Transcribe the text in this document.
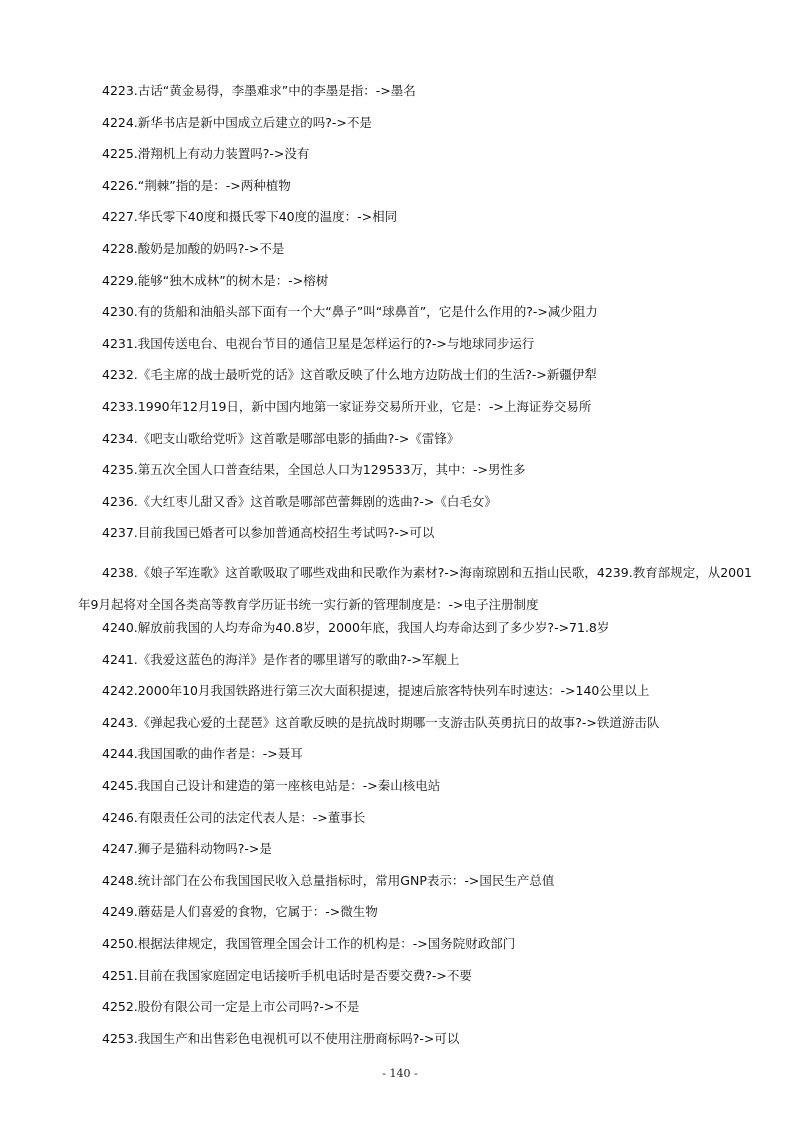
4223.古话“黄金易得，李墨难求”中的李墨是指：->墨名
4224.新华书店是新中国成立后建立的吗?->不是
4225.滑翔机上有动力装置吗?->没有
4226.“荆棘”指的是：->两种植物
4227.华氏零下40度和摄氏零下40度的温度：->相同
4228.酸奶是加酸的奶吗?->不是
4229.能够“独木成林”的树木是：->榕树
4230.有的货船和油船头部下面有一个大“鼻子”叫“球鼻首”，它是什么作用的?->减少阻力
4231.我国传送电台、电视台节目的通信卫星是怎样运行的?->与地球同步运行
4232.《毛主席的战士最听党的话》这首歌反映了什么地方边防战士们的生活?->新疆伊犁
4233.1990年12月19日，新中国内地第一家证券交易所开业，它是：->上海证券交易所
4234.《吧支山歌给党听》这首歌是哪部电影的插曲?->《雷锋》
4235.第五次全国人口普查结果，全国总人口为129533万，其中：->男性多
4236.《大红枣儿甜又香》这首歌是哪部芭蕾舞剧的选曲?->《白毛女》
4237.目前我国已婚者可以参加普通高校招生考试吗?->可以
4238.《娘子军连歌》这首歌吸取了哪些戏曲和民歌作为素材?->海南琼剧和五指山民歌，4239.教育部规定，从2001年9月起将对全国各类高等教育学历证书统一实行新的管理制度是：->电子注册制度
4240.解放前我国的人均寿命为40.8岁，2000年底，我国人均寿命达到了多少岁?->71.8岁
4241.《我爱这蓝色的海洋》是作者的哪里谱写的歌曲?->军舰上
4242.2000年10月我国铁路进行第三次大面积提速，提速后旅客特快列车时速达：->140公里以上
4243.《弹起我心爱的土琵琶》这首歌反映的是抗战时期哪一支游击队英勇抗日的故事?->铁道游击队
4244.我国国歌的曲作者是：->聂耳
4245.我国自己设计和建造的第一座核电站是：->秦山核电站
4246.有限责任公司的法定代表人是：->董事长
4247.狮子是猫科动物吗?->是
4248.统计部门在公布我国国民收入总量指标时，常用GNP表示：->国民生产总值
4249.蘑菇是人们喜爱的食物，它属于：->微生物
4250.根据法律规定，我国管理全国会计工作的机构是：->国务院财政部门
4251.目前在我国家庭固定电话接听手机电话时是否要交费?->不要
4252.股份有限公司一定是上市公司吗?->不是
4253.我国生产和出售彩色电视机可以不使用注册商标吗?->可以
- 140 -
